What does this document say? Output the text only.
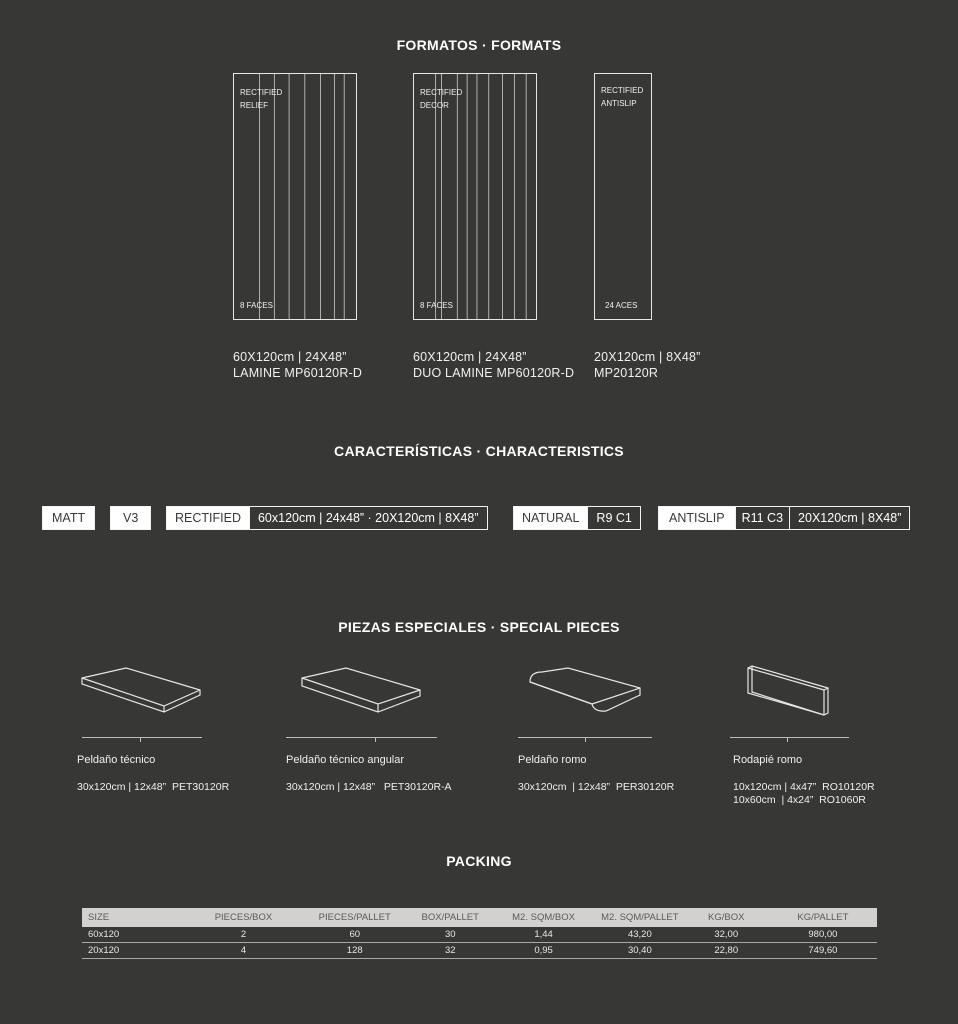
FORMATOS · FORMATS
RECTIFIED
RELIEF
8 FACES
60X120cm | 24X48”
LAMINE MP60120R-D
RECTIFIED
DECOR
8 FACES
60X120cm | 24X48”
DUO LAMINE MP60120R-D
RECTIFIED
ANTISLIP
24 ACES
20X120cm | 8X48”
MP20120R
CARACTERÍSTICAS · CHARACTERISTICS
MATT	V3	RECTIFIED	60x120cm | 24x48” · 20X120cm | 8X48”	NATURAL	R9 C1	ANTISLIP	R11 C3	20X120cm | 8X48”
PIEZAS ESPECIALES · SPECIAL PIECES
Peldaño técnico
30x120cm | 12x48”  PET30120R
Peldaño técnico angular
30x120cm | 12x48”   PET30120R-A
Peldaño romo
30x120cm  | 12x48”  PER30120R
Rodapié romo
10x120cm | 4x47”  RO10120R
10x60cm  | 4x24”  RO1060R
PACKING
SIZE	PIECES/BOX	PIECES/PALLET	BOX/PALLET	M2. SQM/BOX	M2. SQM/PALLET	KG/BOX	KG/PALLET
60x120	2	60	30	1,44	43,20	32,00	980,00
20x120	4	128	32	0,95	30,40	22,80	749,60
